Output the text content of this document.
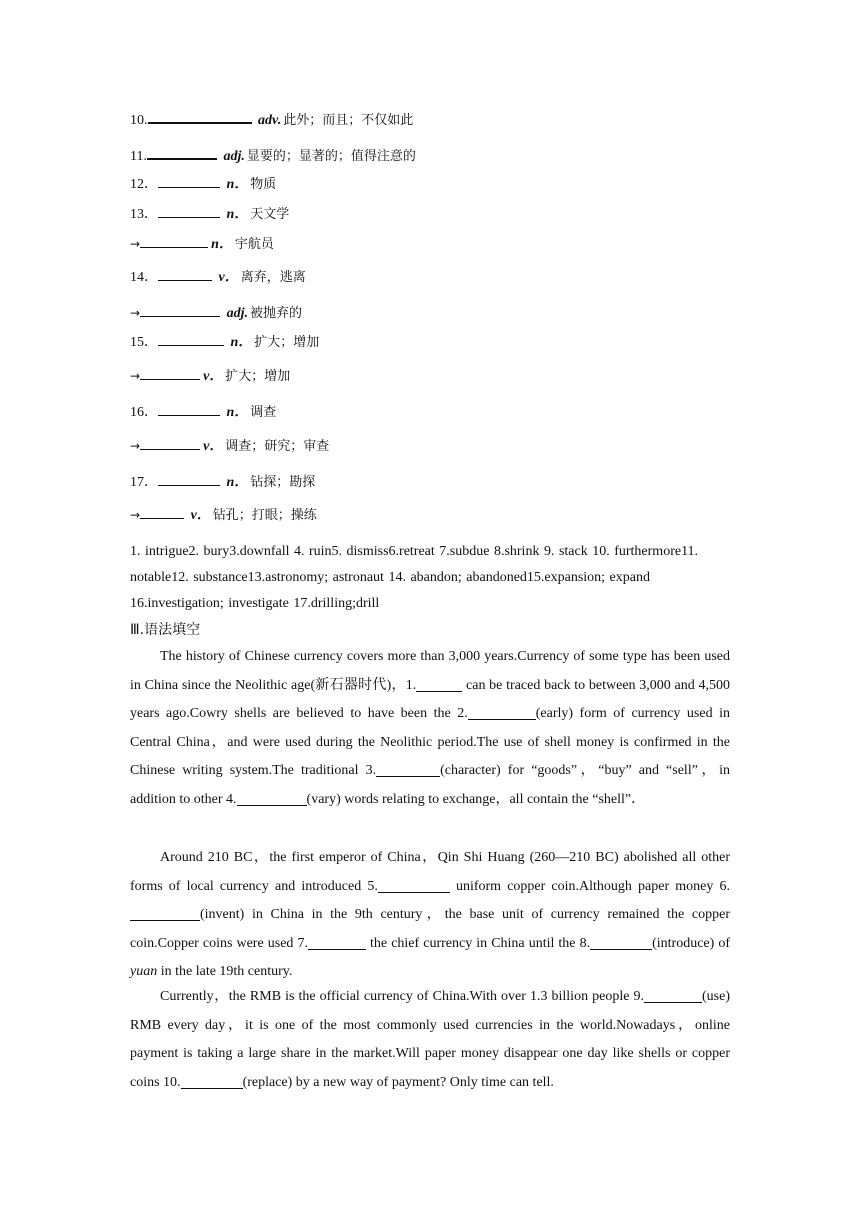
10.	adv. 此外；而且；不仅如此
11.	adj. 显要的；显著的；值得注意的
12．	n． 物质
13．	n． 天文学
→	n． 宇航员
14．	v． 离弃，逃离
→	adj. 被抛弃的
15．	n． 扩大；增加
→	v． 扩大；增加
16．	n． 调查
→	v． 调查；研究；审查
17．	n． 钻探；勘探
→	v． 钻孔；打眼；操练
1. intrigue2. bury3.downfall 4. ruin5. dismiss6.retreat 7.subdue 8.shrink 9. stack 10. furthermore11. notable12. substance13.astronomy; astronaut 14. abandon; abandoned15.expansion; expand 16.investigation; investigate 17.drilling;drill
Ⅲ.语法填空

The history of Chinese currency covers more than 3,000 years.Currency of some type has been used in China since the Neolithic age(新石器时代)，1.	can be traced back to between 3,000 and 4,500 years ago.Cowry shells are believed to have been the 2.	(early) form of currency used in Central China，and were used during the Neolithic period.The use of shell money is confirmed in the Chinese writing system.The traditional 3.	(character) for “goods”，“buy” and “sell”，in addition to other 4.	(vary) words relating to exchange，all contain the “shell”．

Around 210 BC，the first emperor of China，Qin Shi Huang (260—210 BC) abolished all other forms of local currency and introduced 5.	uniform copper coin.Although paper money 6.(invent) in China in the 9th century，the base unit of currency remained the copper coin.Copper coins were used 7.	the chief currency in China until the 8.	(introduce) of yuan in the late 19th century.

Currently，the RMB is the official currency of China.With over 1.3 billion people 9.	(use) RMB every day，it is one of the most commonly used currencies in the world.Nowadays，online payment is taking a large share in the market.Will paper money disappear one day like shells or copper coins 10.	(replace) by a new way of payment? Only time can tell.
